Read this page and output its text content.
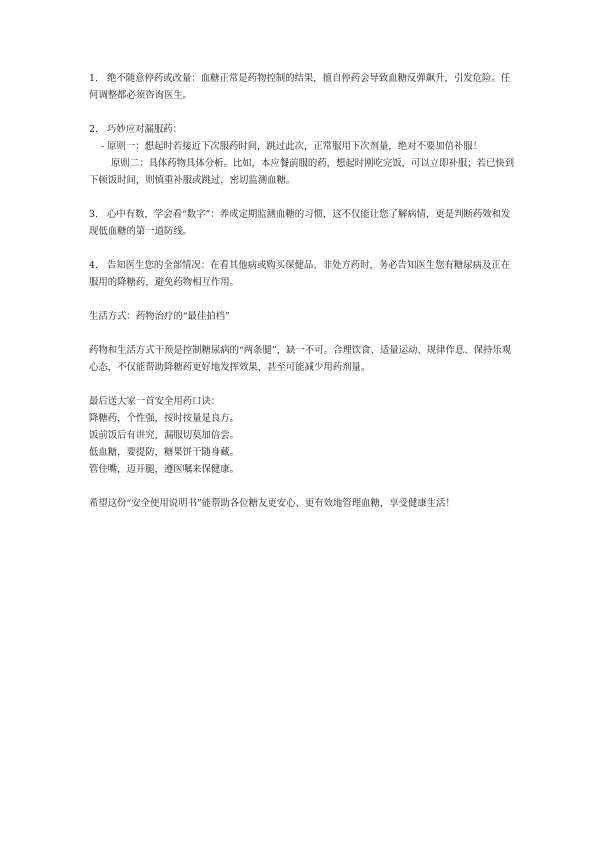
1. 绝不随意停药或改量：血糖正常是药物控制的结果，擅自停药会导致血糖反弹飙升，引发危险。任何调整都必须咨询医生。

2. 巧妙应对漏服药：

- 原则一：想起时若接近下次服药时间，跳过此次，正常服用下次剂量，绝对不要加倍补服！

原则二：具体药物具体分析。比如，本应餐前服的药，想起时刚吃完饭，可以立即补服；若已快到下顿饭时间，则慎重补服或跳过，密切监测血糖。

3. 心中有数，学会看“数字”：养成定期监测血糖的习惯，这不仅能让您了解病情，更是判断药效和发现低血糖的第一道防线。

4. 告知医生您的全部情况：在看其他病或购买保健品、非处方药时，务必告知医生您有糖尿病及正在服用的降糖药，避免药物相互作用。

生活方式：药物治疗的“最佳拍档”

药物和生活方式干预是控制糖尿病的“两条腿”，缺一不可。合理饮食、适量运动、规律作息、保持乐观心态，不仅能帮助降糖药更好地发挥效果，甚至可能减少用药剂量。

最后送大家一首安全用药口诀：

降糖药，个性强，按时按量是良方。

饭前饭后有讲究，漏服切莫加倍尝。

低血糖，要提防，糖果饼干随身藏。

管住嘴，迈开腿，遵医嘱来保健康。

希望这份“安全使用说明书”能帮助各位糖友更安心、更有效地管理血糖，享受健康生活！
